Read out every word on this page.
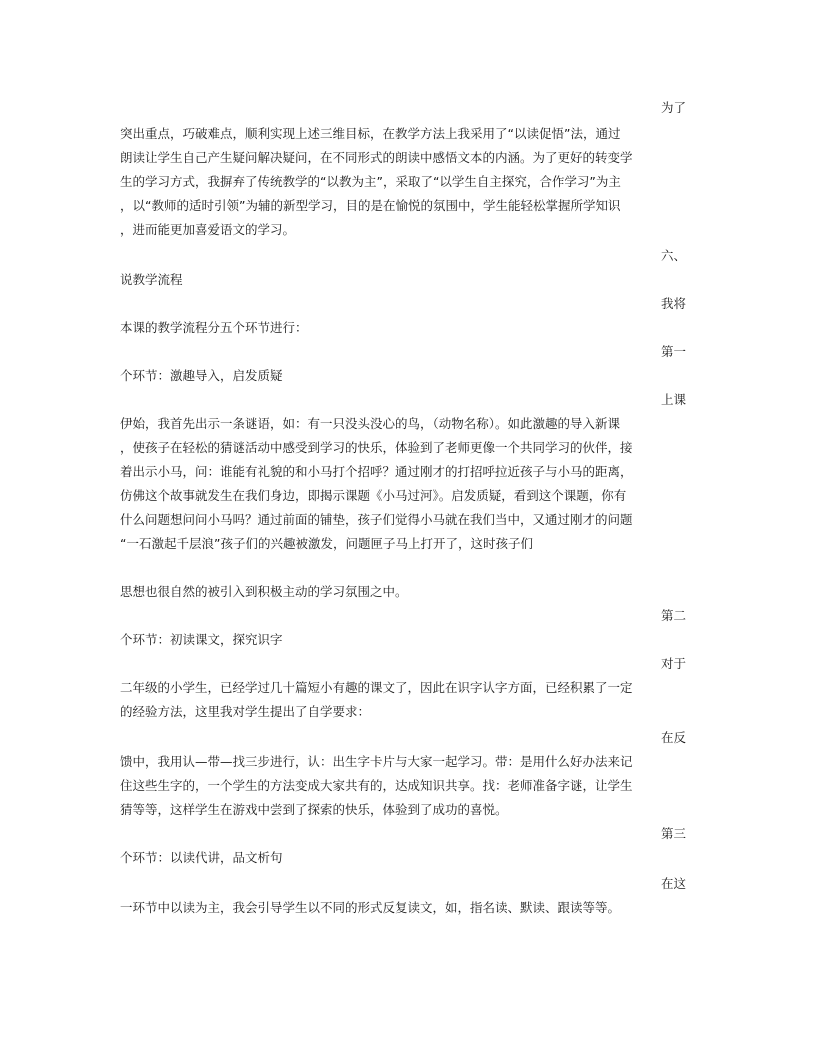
为了
突出重点，巧破难点，顺利实现上述三维目标，在教学方法上我采用了“以读促悟”法，通过
朗读让学生自己产生疑问解决疑问，在不同形式的朗读中感悟文本的内涵。为了更好的转变学
生的学习方式，我摒弃了传统教学的“以教为主”，采取了“以学生自主探究，合作学习”为主
，以“教师的适时引领”为辅的新型学习，目的是在愉悦的氛围中，学生能轻松掌握所学知识
，进而能更加喜爱语文的学习。
六、
说教学流程
我将
本课的教学流程分五个环节进行：
第一
个环节：激趣导入，启发质疑
上课
伊始，我首先出示一条谜语，如：有一只没头没心的鸟，（动物名称）。如此激趣的导入新课
，使孩子在轻松的猜谜活动中感受到学习的快乐，体验到了老师更像一个共同学习的伙伴，接
着出示小马，问：谁能有礼貌的和小马打个招呼？通过刚才的打招呼拉近孩子与小马的距离，
仿佛这个故事就发生在我们身边，即揭示课题《小马过河》。启发质疑，看到这个课题，你有
什么问题想问问小马吗？通过前面的铺垫，孩子们觉得小马就在我们当中，又通过刚才的问题
“一石激起千层浪”孩子们的兴趣被激发，问题匣子马上打开了，这时孩子们
思想也很自然的被引入到积极主动的学习氛围之中。
第二
个环节：初读课文，探究识字
对于
二年级的小学生，已经学过几十篇短小有趣的课文了，因此在识字认字方面，已经积累了一定
的经验方法，这里我对学生提出了自学要求：
在反
馈中，我用认—带—找三步进行，认：出生字卡片与大家一起学习。带：是用什么好办法来记
住这些生字的，一个学生的方法变成大家共有的，达成知识共享。找：老师准备字谜，让学生
猜等等，这样学生在游戏中尝到了探索的快乐，体验到了成功的喜悦。
第三
个环节：以读代讲，品文析句
在这
一环节中以读为主，我会引导学生以不同的形式反复读文，如，指名读、默读、跟读等等。
